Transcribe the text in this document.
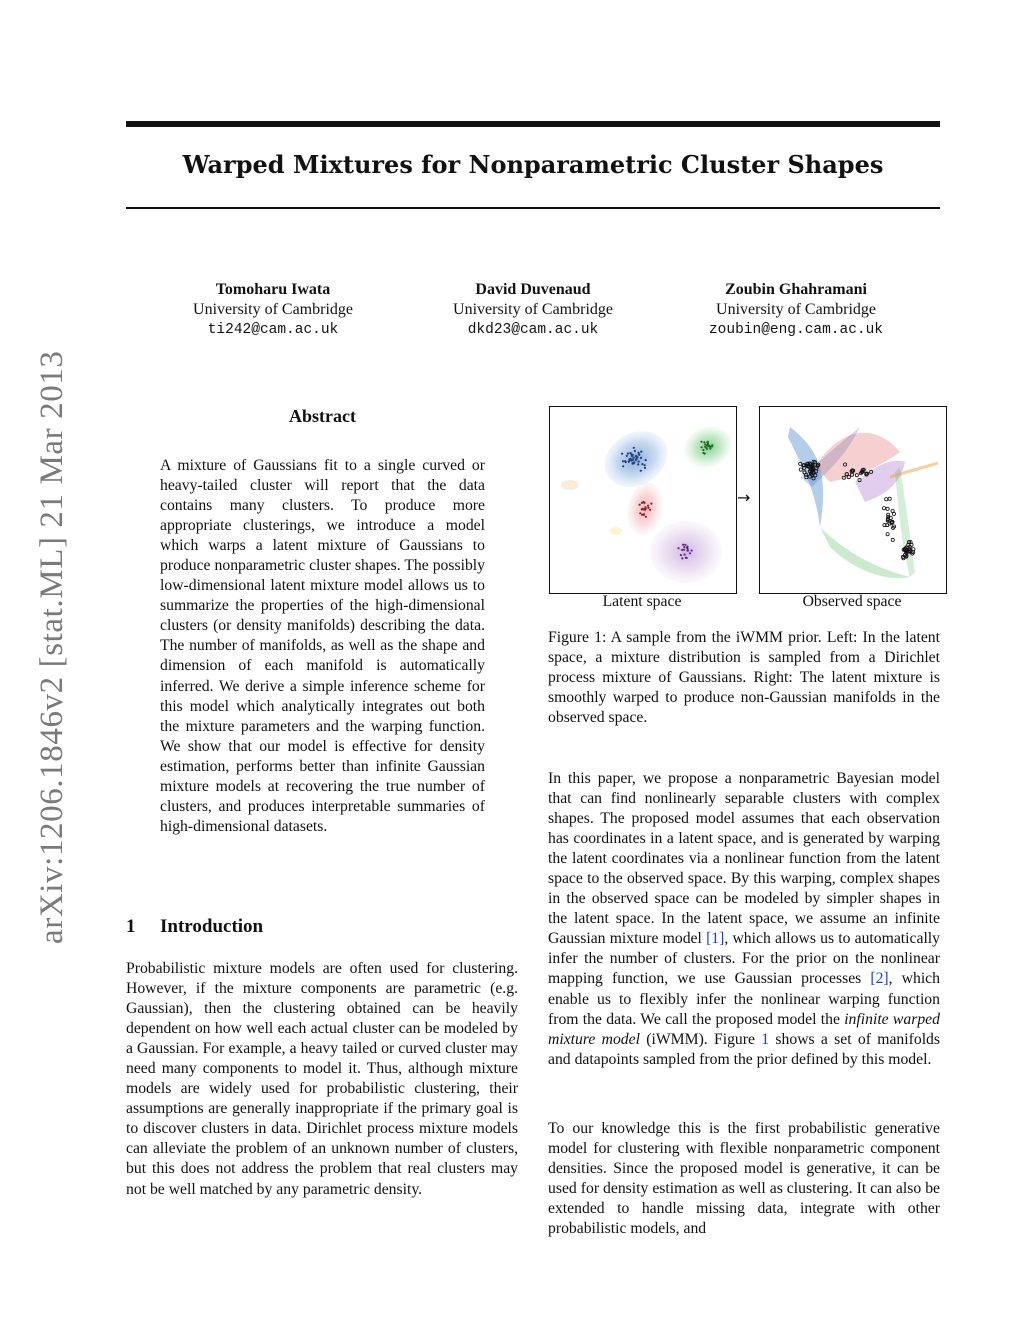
Warped Mixtures for Nonparametric Cluster Shapes
arXiv:1206.1846v2 [stat.ML] 21 Mar 2013
Tomoharu Iwata
University of Cambridge
ti242@cam.ac.uk
David Duvenaud
University of Cambridge
dkd23@cam.ac.uk
Zoubin Ghahramani
University of Cambridge
zoubin@eng.cam.ac.uk
Abstract
A mixture of Gaussians fit to a single curved or heavy-tailed cluster will report that the data contains many clusters. To produce more appropriate clusterings, we introduce a model which warps a latent mixture of Gaussians to produce nonparametric cluster shapes. The possibly low-dimensional latent mixture model allows us to summarize the properties of the high-dimensional clusters (or density manifolds) describing the data. The number of manifolds, as well as the shape and dimension of each manifold is automatically inferred. We derive a simple inference scheme for this model which analytically integrates out both the mixture parameters and the warping function. We show that our model is effective for density estimation, performs better than infinite Gaussian mixture models at recovering the true number of clusters, and produces interpretable summaries of high-dimensional datasets.
1 Introduction
Probabilistic mixture models are often used for clustering. However, if the mixture components are parametric (e.g. Gaussian), then the clustering obtained can be heavily dependent on how well each actual cluster can be modeled by a Gaussian. For example, a heavy tailed or curved cluster may need many components to model it. Thus, although mixture models are widely used for probabilistic clustering, their assumptions are generally inappropriate if the primary goal is to discover clusters in data. Dirichlet process mixture models can alleviate the problem of an unknown number of clusters, but this does not address the problem that real clusters may not be well matched by any parametric density.
→
Latent space	Observed space
Figure 1: A sample from the iWMM prior. Left: In the latent space, a mixture distribution is sampled from a Dirichlet process mixture of Gaussians. Right: The latent mixture is smoothly warped to produce non-Gaussian manifolds in the observed space.
In this paper, we propose a nonparametric Bayesian model that can find nonlinearly separable clusters with complex shapes. The proposed model assumes that each observation has coordinates in a latent space, and is generated by warping the latent coordinates via a nonlinear function from the latent space to the observed space. By this warping, complex shapes in the observed space can be modeled by simpler shapes in the latent space. In the latent space, we assume an infinite Gaussian mixture model [1], which allows us to automatically infer the number of clusters. For the prior on the nonlinear mapping function, we use Gaussian processes [2], which enable us to flexibly infer the nonlinear warping function from the data. We call the proposed model the infinite warped mixture model (iWMM). Figure 1 shows a set of manifolds and datapoints sampled from the prior defined by this model.
To our knowledge this is the first probabilistic generative model for clustering with flexible nonparametric component densities. Since the proposed model is generative, it can be used for density estimation as well as clustering. It can also be extended to handle missing data, integrate with other probabilistic models, and
